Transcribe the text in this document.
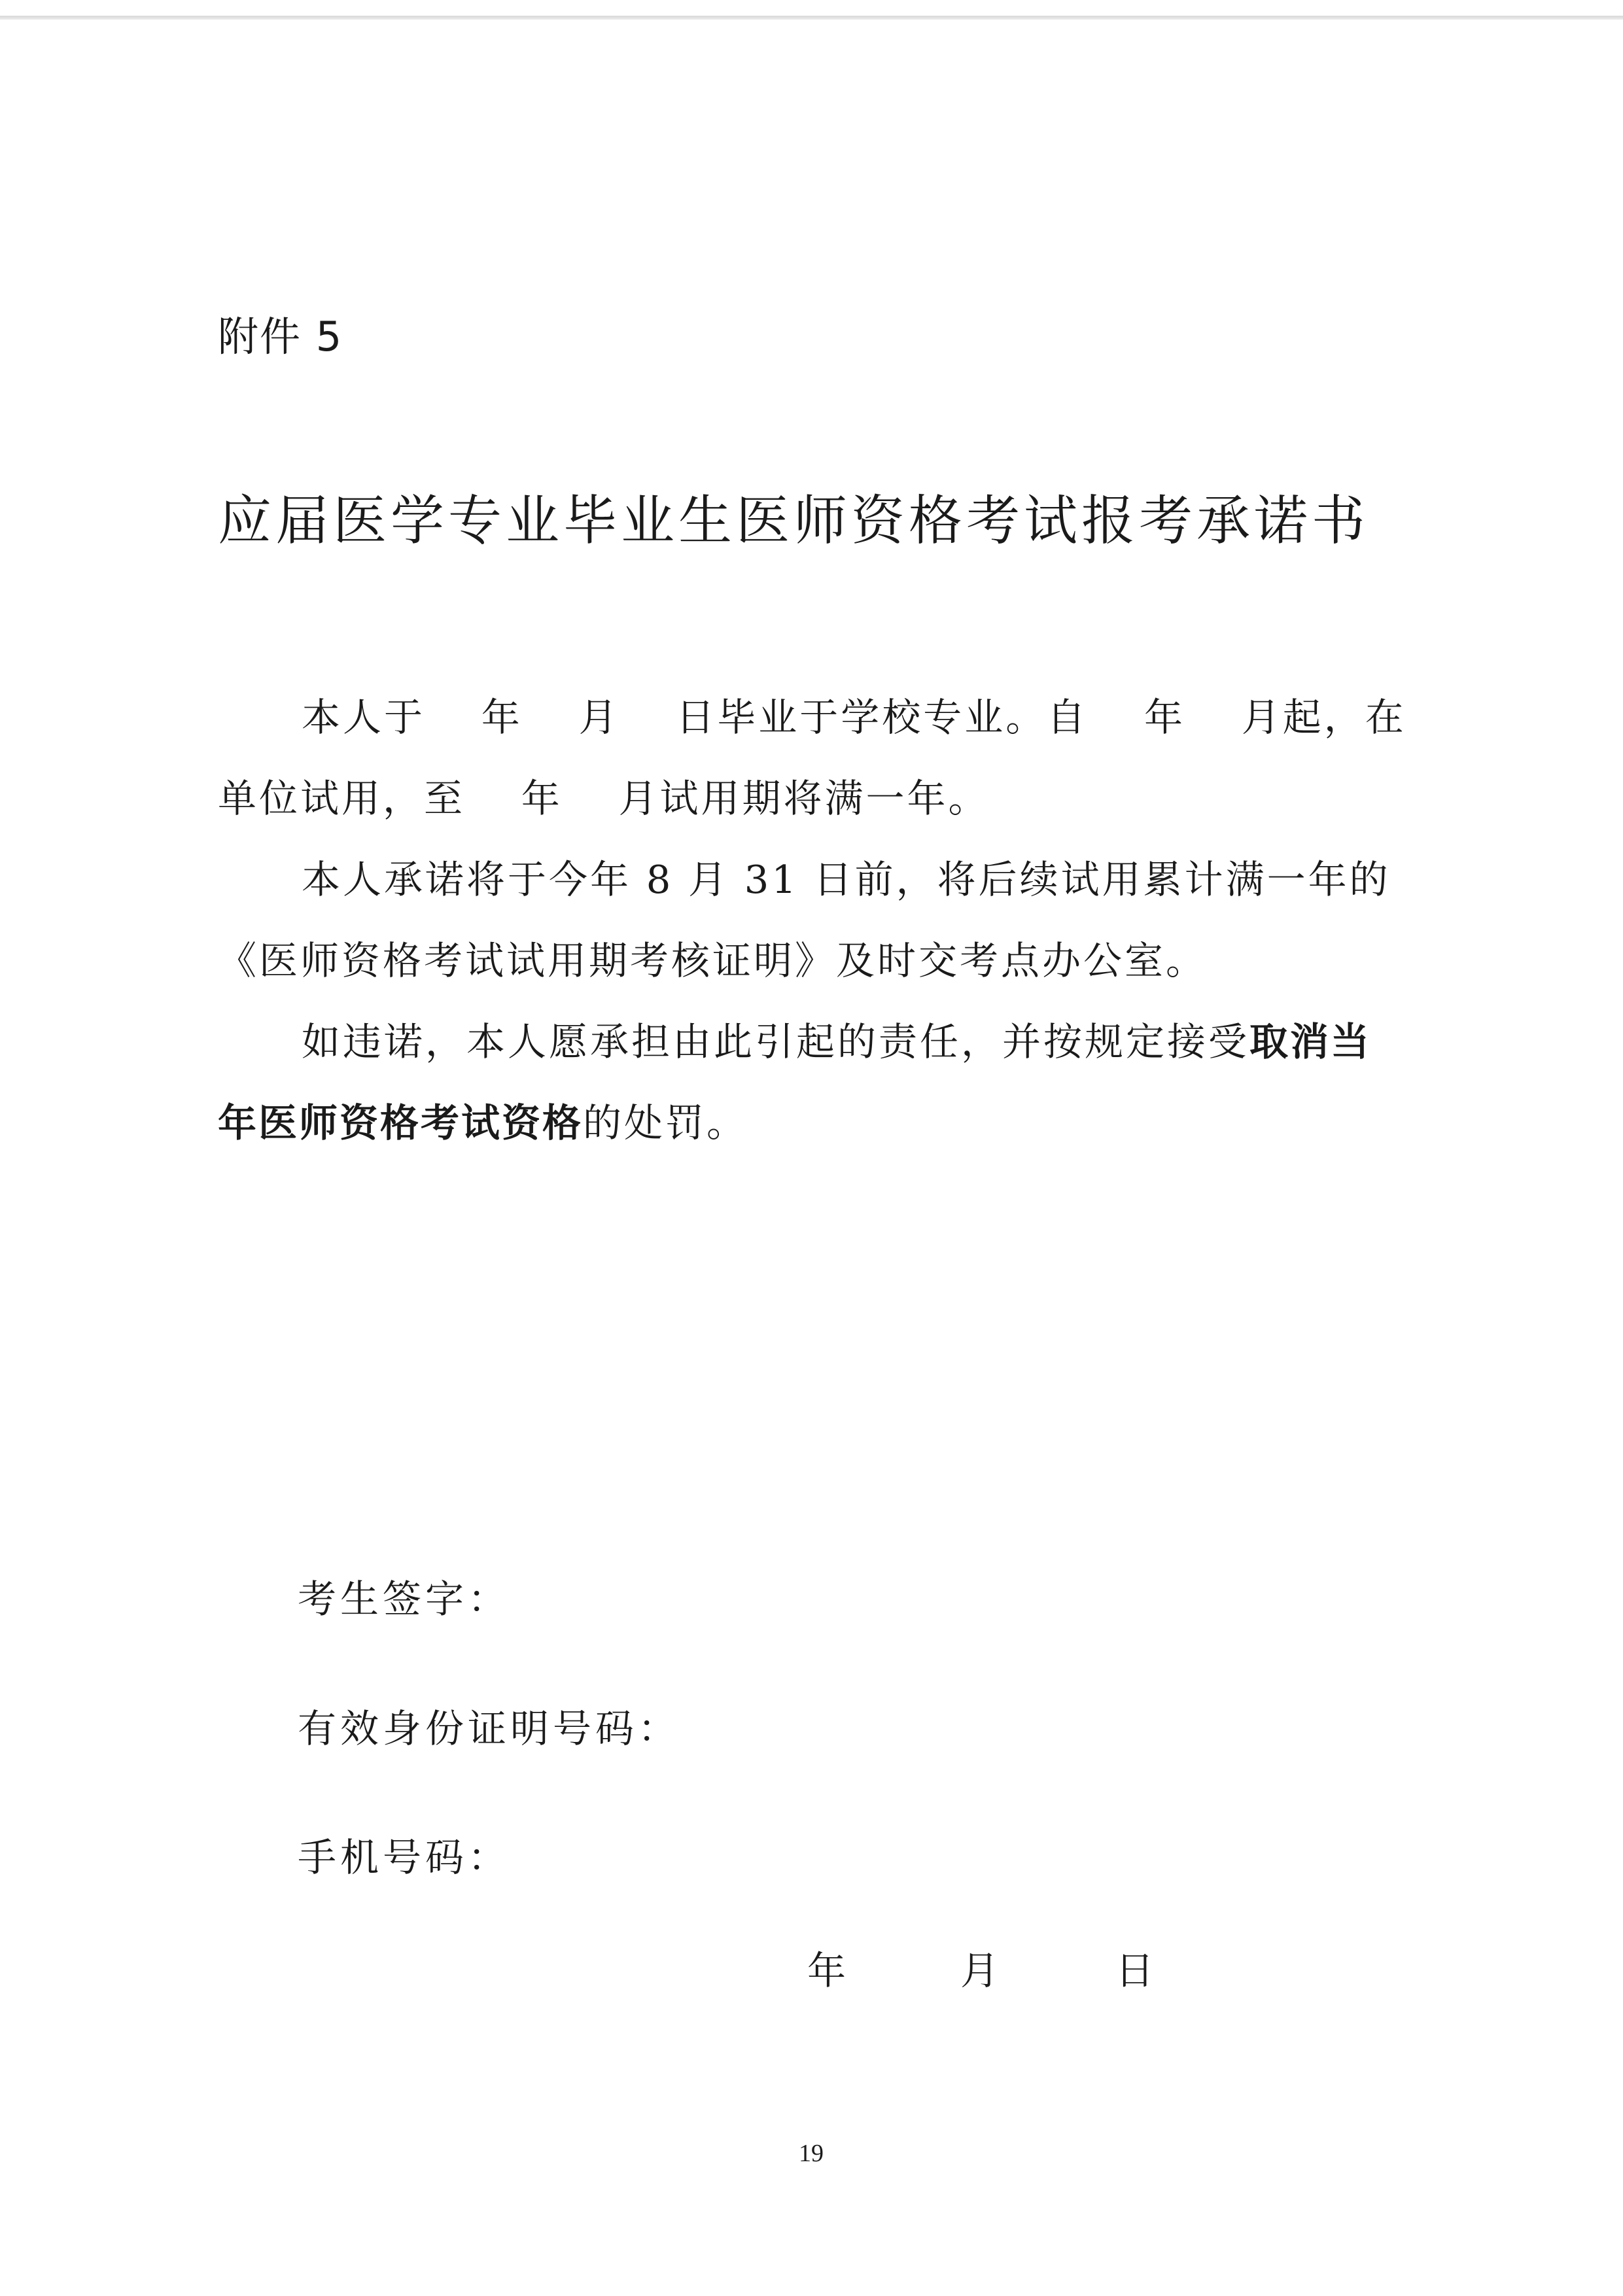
附件 5
应届医学专业毕业生医师资格考试报考承诺书
本人于　 年　 月　 日毕业于学校专业。自　 年　 月起，在
单位试用，至　 年　 月试用期将满一年。
本人承诺将于今年 8 月 31 日前，将后续试用累计满一年的
《医师资格考试试用期考核证明》及时交考点办公室。
如违诺，本人愿承担由此引起的责任，并按规定接受取消当
年医师资格考试资格的处罚。
考生签字：
有效身份证明号码：
手机号码：
年	月	日
19
